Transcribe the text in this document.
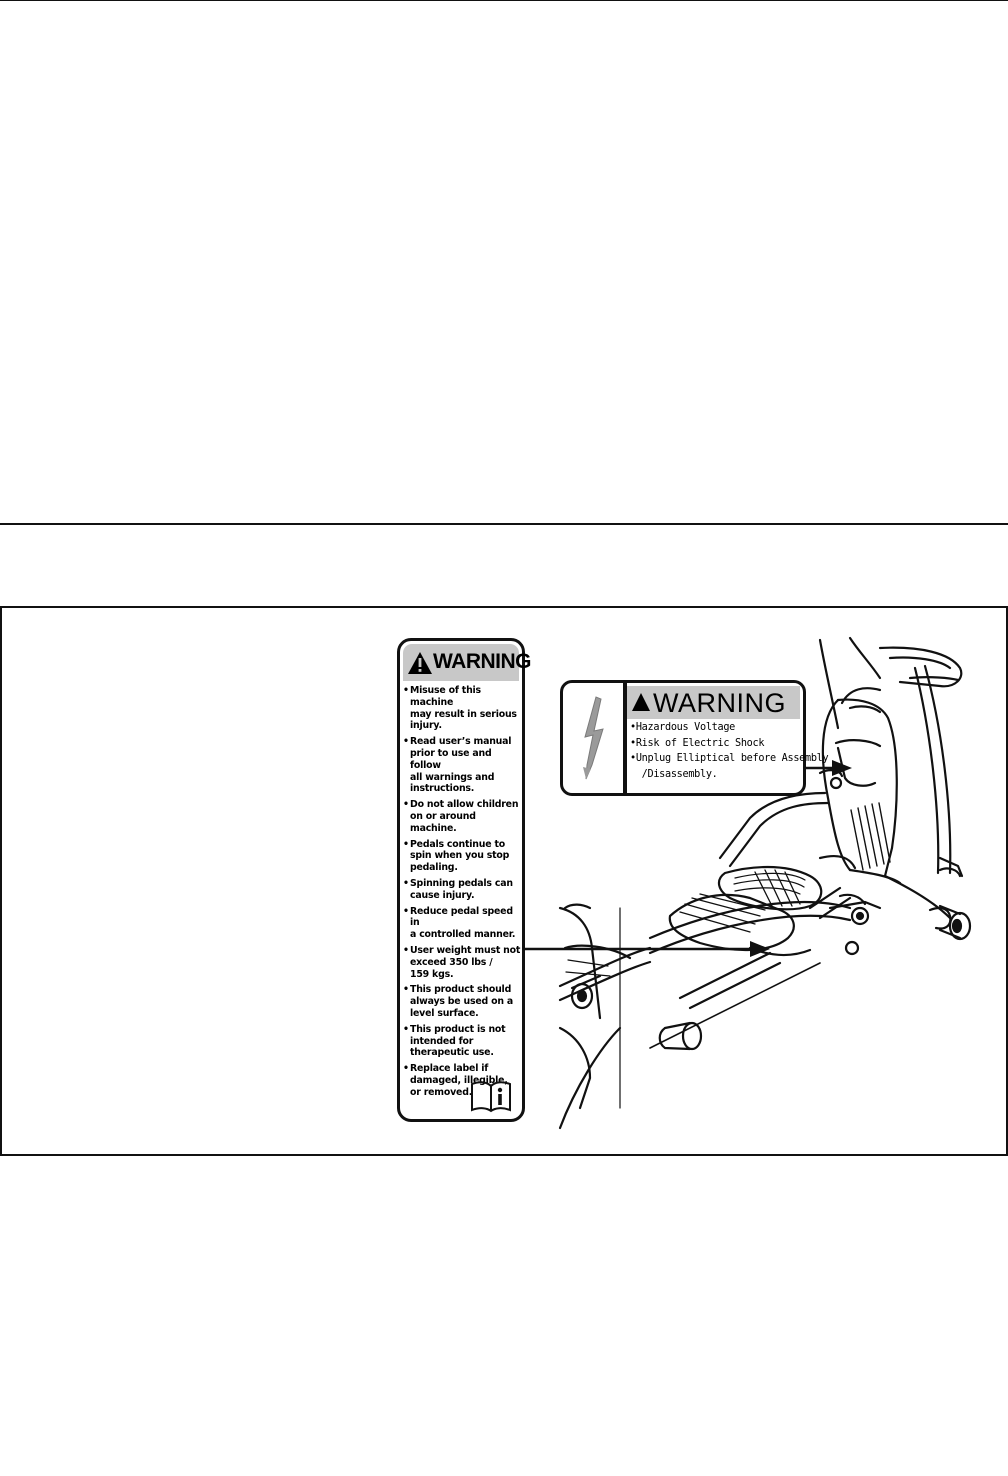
WARNING
• Misuse of this machine
may result in serious
injury.
• Read user’s manual
prior to use and follow
all warnings and
instructions.
• Do not allow children
on or around machine.
• Pedals continue to
spin when you stop
pedaling.
• Spinning pedals can
cause injury.
• Reduce pedal speed in
a controlled manner.
• User weight must not
exceed 350 lbs /
159 kgs.
• This product should
always be used on a
level surface.
• This product is not
intended for
therapeutic use.
• Replace label if
damaged, illegible,
or removed.
WARNING
•Hazardous Voltage
•Risk of Electric Shock
•Unplug Elliptical before Assembly
/Disassembly.
